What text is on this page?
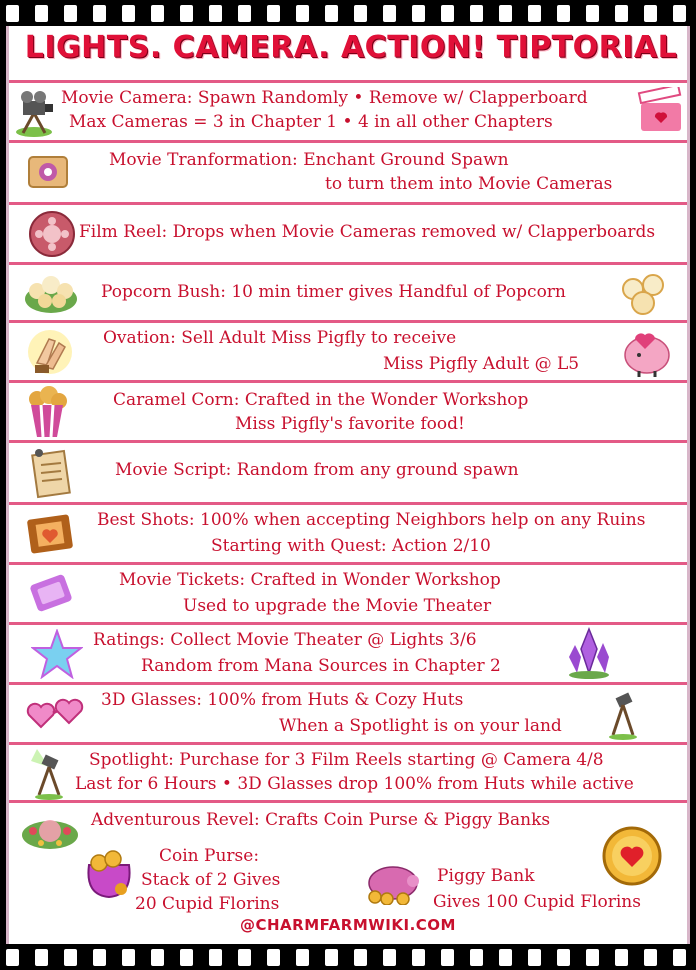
LIGHTS. CAMERA. ACTION! TIPTORIAL
Movie Camera: Spawn Randomly • Remove w/ Clapperboard
Max Cameras = 3 in Chapter 1 • 4 in all other Chapters
Movie Tranformation: Enchant Ground Spawn
to turn them into Movie Cameras
Film Reel: Drops when Movie Cameras removed w/ Clapperboards
Popcorn Bush: 10 min timer gives Handful of Popcorn
Ovation: Sell Adult Miss Pigfly to receive
Miss Pigfly Adult @ L5
Caramel Corn: Crafted in the Wonder Workshop
Miss Pigfly's favorite food!
Movie Script: Random from any ground spawn
Best Shots: 100% when accepting Neighbors help on any Ruins
Starting with Quest: Action 2/10
Movie Tickets: Crafted in Wonder Workshop
Used to upgrade the Movie Theater
Ratings: Collect Movie Theater @ Lights 3/6
Random from Mana Sources in Chapter 2
3D Glasses: 100% from Huts & Cozy Huts
When a Spotlight is on your land
Spotlight: Purchase for 3 Film Reels starting @ Camera 4/8
Last for 6 Hours • 3D Glasses drop 100% from Huts while active
Adventurous Revel: Crafts Coin Purse & Piggy Banks
Coin Purse:
Stack of 2 Gives
20 Cupid Florins
Piggy Bank
Gives 100 Cupid Florins
@CHARMFARMWIKI.COM
